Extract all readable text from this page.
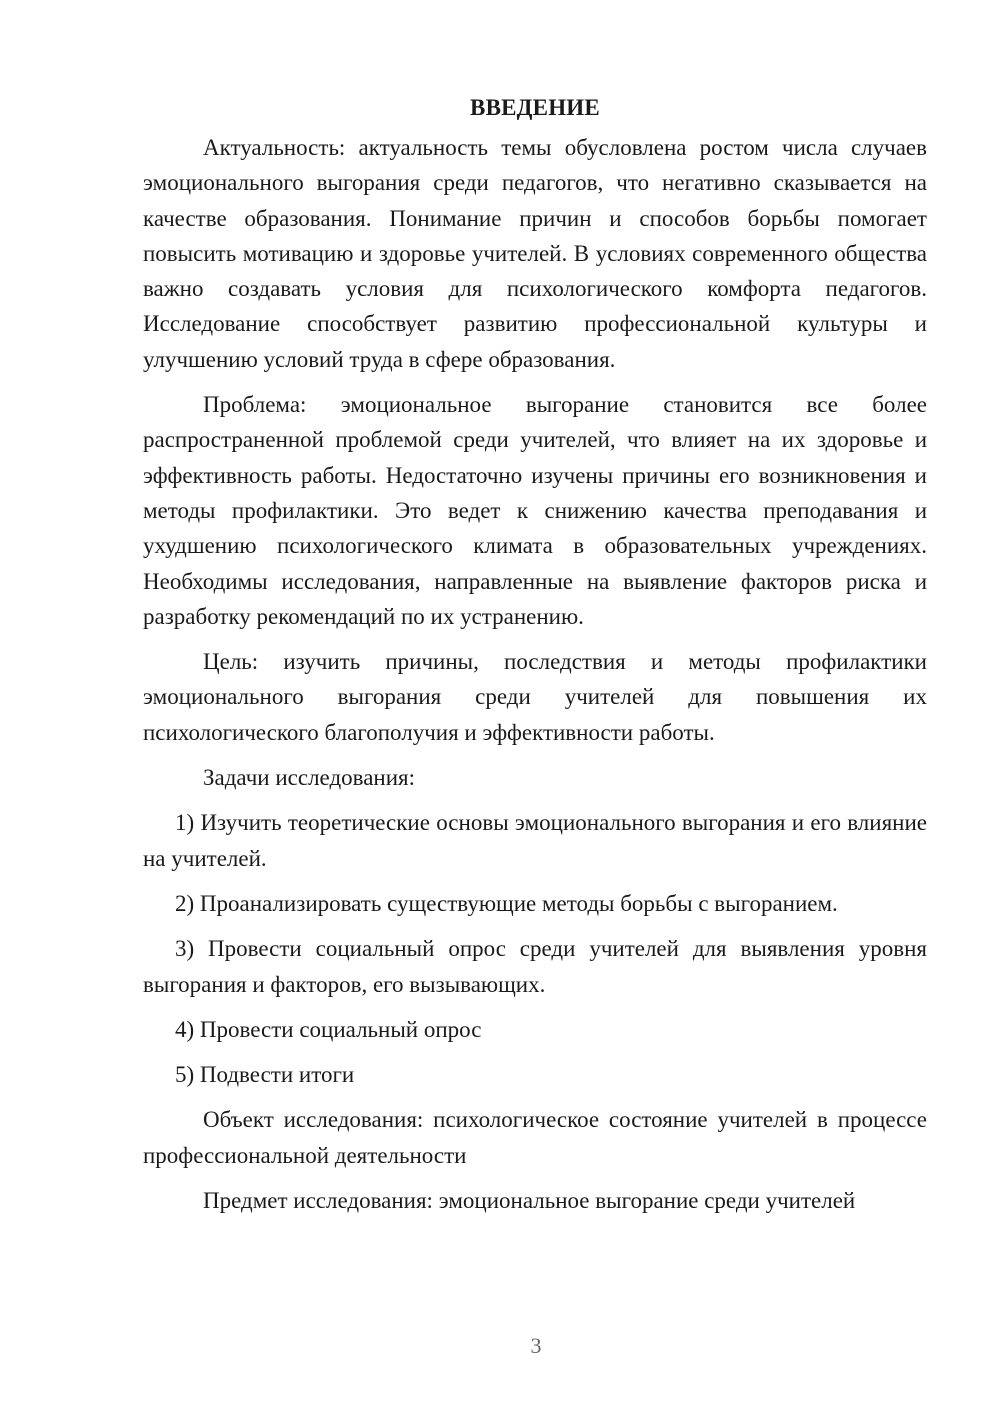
ВВЕДЕНИЕ

Актуальность: актуальность темы обусловлена ростом числа случаев эмоционального выгорания среди педагогов, что негативно сказывается на качестве образования. Понимание причин и способов борьбы помогает повысить мотивацию и здоровье учителей. В условиях современного общества важно создавать условия для психологического комфорта педагогов. Исследование способствует развитию профессиональной культуры и улучшению условий труда в сфере образования.

Проблема: эмоциональное выгорание становится все более распространенной проблемой среди учителей, что влияет на их здоровье и эффективность работы. Недостаточно изучены причины его возникновения и методы профилактики. Это ведет к снижению качества преподавания и ухудшению психологического климата в образовательных учреждениях. Необходимы исследования, направленные на выявление факторов риска и разработку рекомендаций по их устранению.

Цель: изучить причины, последствия и методы профилактики эмоционального выгорания среди учителей для повышения их психологического благополучия и эффективности работы.

Задачи исследования:

1) Изучить теоретические основы эмоционального выгорания и его влияние на учителей.

2) Проанализировать существующие методы борьбы с выгоранием.

3) Провести социальный опрос среди учителей для выявления уровня выгорания и факторов, его вызывающих.

4) Провести социальный опрос

5) Подвести итоги

Объект исследования: психологическое состояние учителей в процессе профессиональной деятельности

Предмет исследования: эмоциональное выгорание среди учителей

3
